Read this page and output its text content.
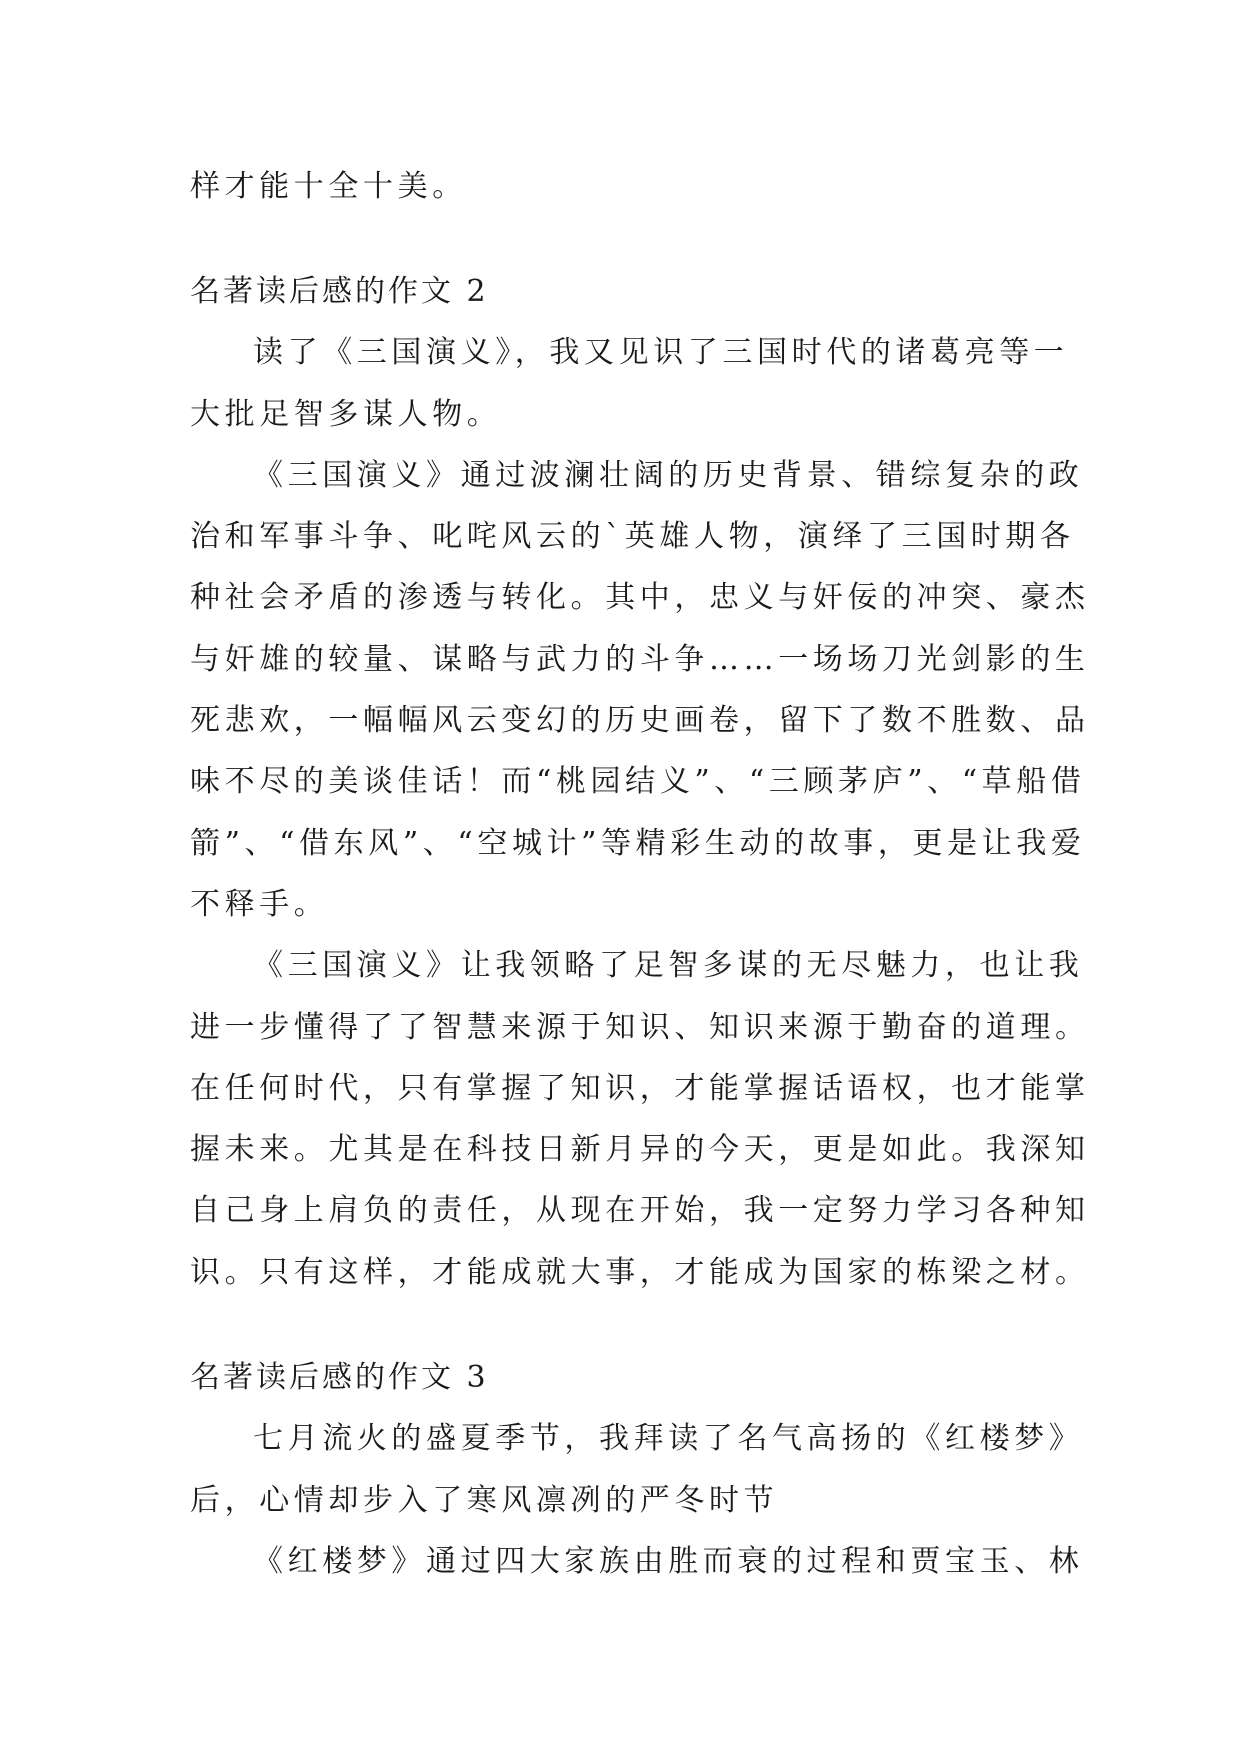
样才能十全十美。
名著读后感的作文 2
读了《三国演义》，我又见识了三国时代的诸葛亮等一
大批足智多谋人物。
《三国演义》通过波澜壮阔的历史背景、错综复杂的政
治和军事斗争、叱咤风云的`英雄人物，演绎了三国时期各
种社会矛盾的渗透与转化。其中，忠义与奸佞的冲突、豪杰
与奸雄的较量、谋略与武力的斗争……一场场刀光剑影的生
死悲欢，一幅幅风云变幻的历史画卷，留下了数不胜数、品
味不尽的美谈佳话！而“桃园结义”、“三顾茅庐”、“草船借
箭”、“借东风”、“空城计”等精彩生动的故事，更是让我爱
不释手。
《三国演义》让我领略了足智多谋的无尽魅力，也让我
进一步懂得了了智慧来源于知识、知识来源于勤奋的道理。
在任何时代，只有掌握了知识，才能掌握话语权，也才能掌
握未来。尤其是在科技日新月异的今天，更是如此。我深知
自己身上肩负的责任，从现在开始，我一定努力学习各种知
识。只有这样，才能成就大事，才能成为国家的栋梁之材。
名著读后感的作文 3
七月流火的盛夏季节，我拜读了名气高扬的《红楼梦》
后，心情却步入了寒风凛冽的严冬时节
《红楼梦》通过四大家族由胜而衰的过程和贾宝玉、林
